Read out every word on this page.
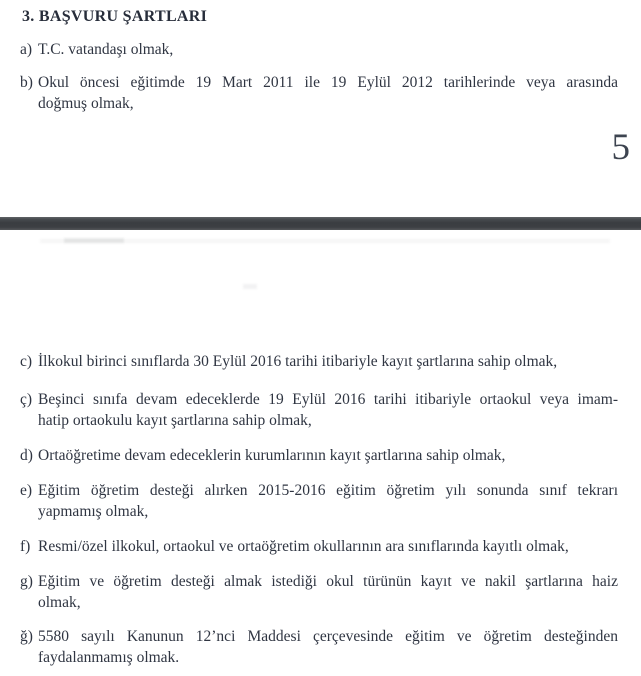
3. BAŞVURU ŞARTLARI
a) T.C. vatandaşı olmak,
b) Okul öncesi eğitimde 19 Mart 2011 ile 19 Eylül 2012 tarihlerinde veya arasında
doğmuş olmak,
5
c) İlkokul birinci sınıflarda 30 Eylül 2016 tarihi itibariyle kayıt şartlarına sahip olmak,
ç) Beşinci sınıfa devam edeceklerde 19 Eylül 2016 tarihi itibariyle ortaokul veya imam-
hatip ortaokulu kayıt şartlarına sahip olmak,
d) Ortaöğretime devam edeceklerin kurumlarının kayıt şartlarına sahip olmak,
e) Eğitim öğretim desteği alırken 2015-2016 eğitim öğretim yılı sonunda sınıf tekrarı
yapmamış olmak,
f) Resmi/özel ilkokul, ortaokul ve ortaöğretim okullarının ara sınıflarında kayıtlı olmak,
g) Eğitim ve öğretim desteği almak istediği okul türünün kayıt ve nakil şartlarına haiz
olmak,
ğ) 5580 sayılı Kanunun 12’nci Maddesi çerçevesinde eğitim ve öğretim desteğinden
faydalanmamış olmak.
